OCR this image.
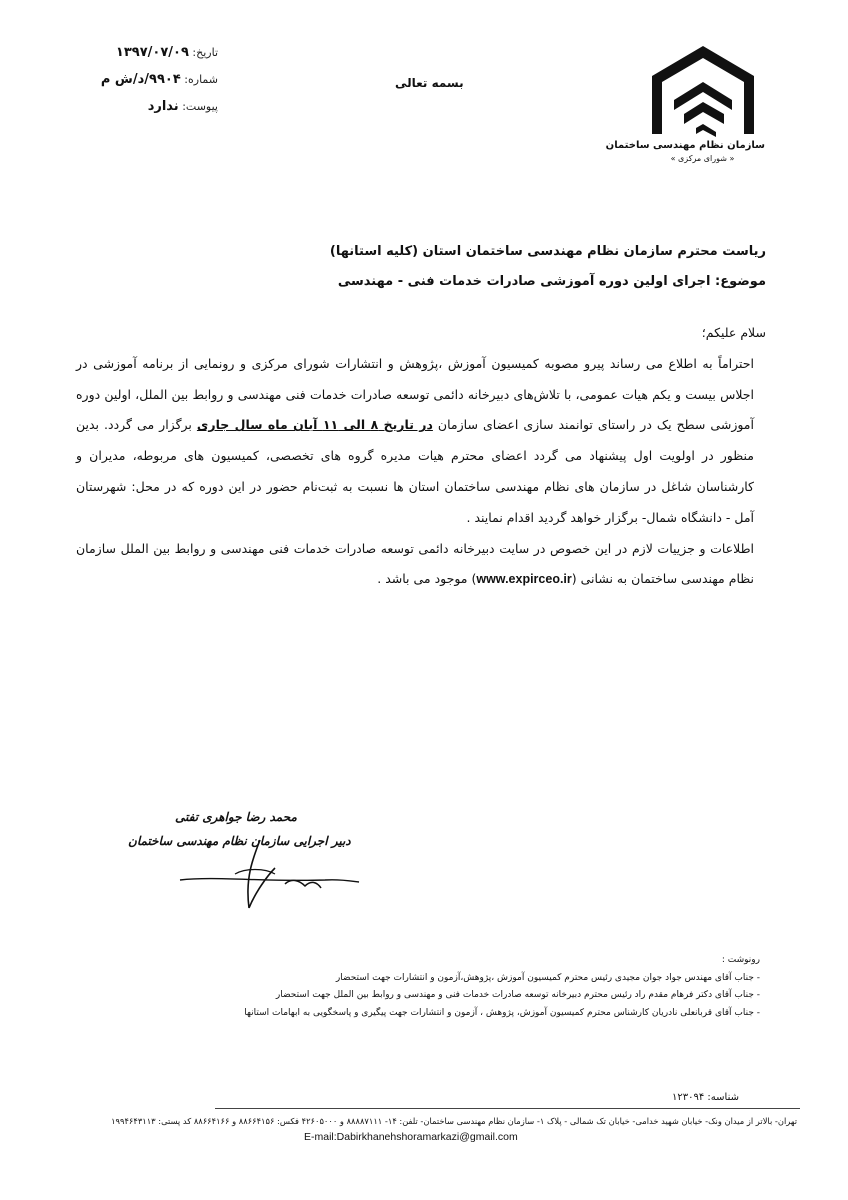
سازمان نظام مهندسی ساختمان
« شورای مرکزی »
بسمه تعالی
تاریخ: ۱۳۹۷/۰۷/۰۹
شماره: ۹۹۰۴/د/ش م
پیوست: ندارد
ریاست محترم سازمان نظام مهندسی ساختمان استان (کلیه استانها)
موضوع: اجرای اولین دوره آموزشی صادرات خدمات فنی - مهندسی

سلام علیکم؛

احتراماً به اطلاع می رساند پیرو مصوبه کمیسیون آموزش ،پژوهش و انتشارات شورای مرکزی و رونمایی از برنامه آموزشی در اجلاس بیست و یکم هیات عمومی، با تلاش‌های دبیرخانه دائمی توسعه صادرات خدمات فنی مهندسی و روابط بین الملل، اولین دوره آموزشی سطح یک در راستای توانمند سازی اعضای سازمان در تاریخ ۸ الی ۱۱ آبان ماه سال جاری برگزار می گردد. بدین منظور در اولویت اول پیشنهاد می گردد اعضای محترم هیات مدیره گروه های تخصصی، کمیسیون های مربوطه، مدیران و کارشناسان شاغل در سازمان های نظام مهندسی ساختمان استان ها نسبت به ثبت‌نام حضور در این دوره که در محل: شهرستان آمل - دانشگاه شمال- برگزار خواهد گردید اقدام نمایند .

اطلاعات و جزییات لازم در این خصوص در سایت دبیرخانه دائمی توسعه صادرات خدمات فنی مهندسی و روابط بین الملل سازمان نظام مهندسی ساختمان به نشانی (www.expirceo.ir) موجود می باشد .

محمد رضا جواهری تفتی
دبیر اجرایی سازمان نظام مهندسی ساختمان
رونوشت :
- جناب آقای مهندس جواد جوان مجیدی رئیس محترم کمیسیون آموزش ،پژوهش،آزمون و انتشارات جهت استحضار
- جناب آقای دکتر فرهام مقدم راد رئیس محترم دبیرخانه توسعه صادرات خدمات فنی و مهندسی و روابط بین الملل جهت استحضار
- جناب آقای قربانعلی نادریان کارشناس محترم کمیسیون آموزش، پژوهش ، آزمون و انتشارات جهت پیگیری و پاسخگویی به ابهامات استانها
شناسه: ۱۲۳۰۹۴
تهران- بالاتر از میدان ونک- خیابان شهید خدامی- خیابان تک شمالی - پلاک ۱- سازمان نظام مهندسی ساختمان- تلفن: ۱۴- ۸۸۸۸۷۱۱۱ و ۴۲۶۰۵۰۰۰ فکس: ۸۸۶۶۴۱۵۶ و ۸۸۶۶۴۱۶۶ کد پستی: ۱۹۹۴۶۴۳۱۱۳
E-mail:Dabirkhanehshoramarkazi@gmail.com
